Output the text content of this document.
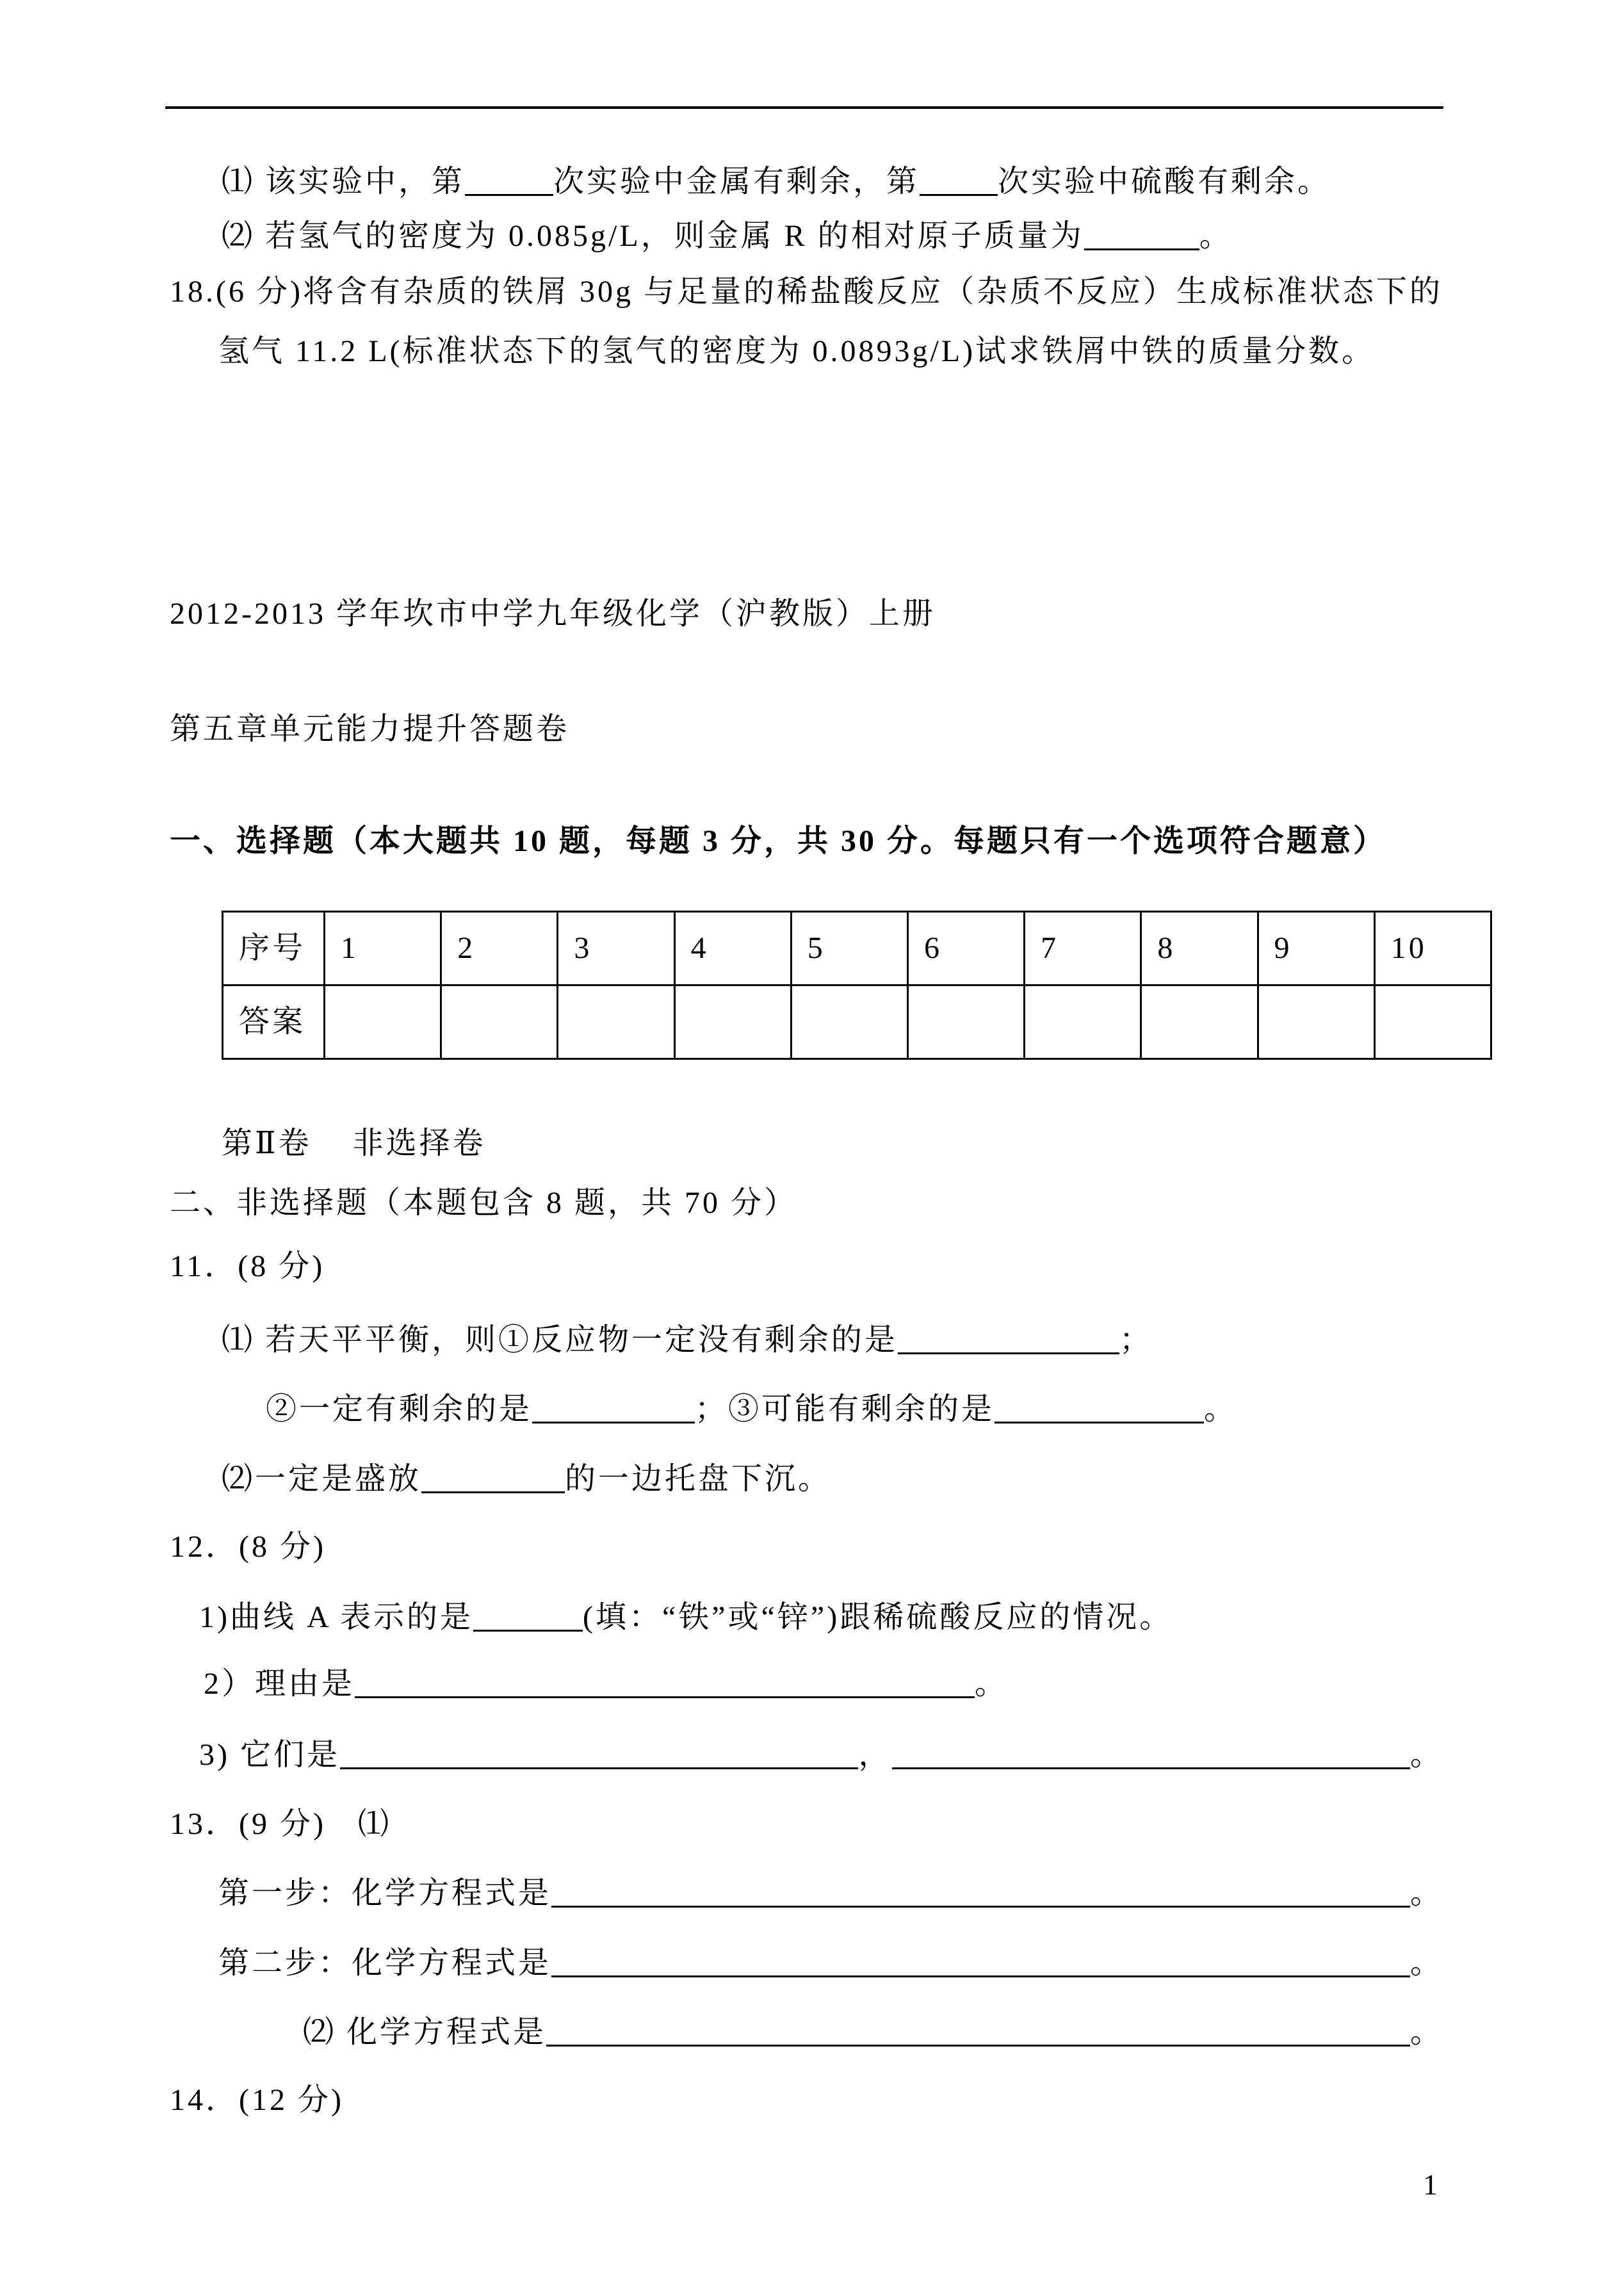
⑴ 该实验中，第	次实验中金属有剩余，第	次实验中硫酸有剩余。
⑵ 若氢气的密度为 0.085g/L，则金属 R 的相对原子质量为	。
18.(6 分)将含有杂质的铁屑 30g 与足量的稀盐酸反应（杂质不反应）生成标准状态下的
氢气 11.2 L(标准状态下的氢气的密度为 0.0893g/L)试求铁屑中铁的质量分数。
2012-2013 学年坎市中学九年级化学（沪教版）上册
第五章单元能力提升答题卷
一、选择题（本大题共 10 题，每题 3 分，共 30 分。每题只有一个选项符合题意）
序号	1	2	3	4	5	6	7	8	9	10
答案										
第Ⅱ卷    非选择卷
二、非选择题（本题包含 8 题，共 70 分）
11．(8 分)
⑴ 若天平平衡，则①反应物一定没有剩余的是	；
②一定有剩余的是	；③可能有剩余的是	。
⑵一定是盛放	的一边托盘下沉。
12．(8 分)
1)曲线 A 表示的是	(填：“铁”或“锌”)跟稀硫酸反应的情况。
2）理由是	。
3) 它们是	，	。
13．(9 分) ⑴
第一步：化学方程式是	。
第二步：化学方程式是	。
⑵ 化学方程式是	。
14．(12 分)
1
